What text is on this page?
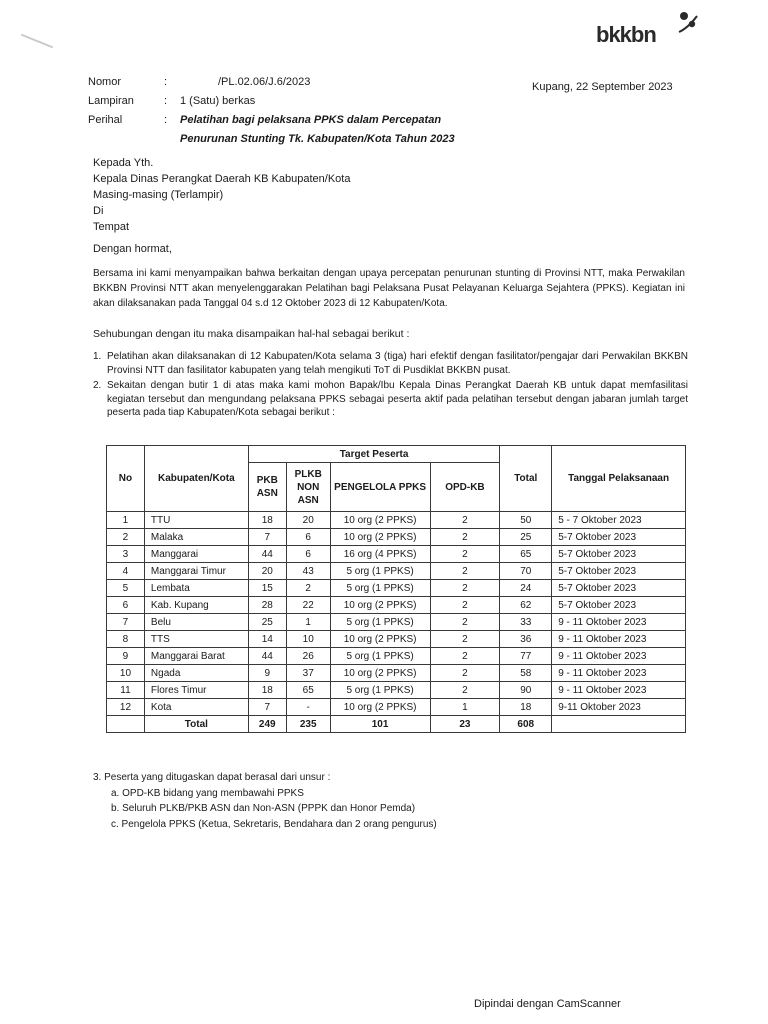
bkkbn
Nomor	:	/PL.02.06/J.6/2023	Kupang, 22 September 2023
Lampiran	: 1 (Satu) berkas
Perihal	: Pelatihan bagi pelaksana PPKS dalam Percepatan
Penurunan Stunting Tk. Kabupaten/Kota Tahun 2023
Kepada Yth.
Kepala Dinas Perangkat Daerah KB Kabupaten/Kota
Masing-masing (Terlampir)
Di
Tempat
Dengan hormat,
Bersama ini kami menyampaikan bahwa berkaitan dengan upaya percepatan penurunan stunting di Provinsi NTT, maka Perwakilan BKKBN Provinsi NTT akan menyelenggarakan Pelatihan bagi Pelaksana Pusat Pelayanan Keluarga Sejahtera (PPKS). Kegiatan ini akan dilaksanakan pada Tanggal 04 s.d 12 Oktober 2023 di 12 Kabupaten/Kota.
Sehubungan dengan itu maka disampaikan hal-hal sebagai berikut :
1. Pelatihan akan dilaksanakan di 12 Kabupaten/Kota selama 3 (tiga) hari efektif dengan fasilitator/pengajar dari Perwakilan BKKBN Provinsi NTT dan fasilitator kabupaten yang telah mengikuti ToT di Pusdiklat BKKBN pusat.
2. Sekaitan dengan butir 1 di atas maka kami mohon Bapak/Ibu Kepala Dinas Perangkat Daerah KB untuk dapat memfasilitasi kegiatan tersebut dan mengundang pelaksana PPKS sebagai peserta aktif pada pelatihan tersebut dengan jabaran jumlah target peserta pada tiap Kabupaten/Kota sebagai berikut :
No	Kabupaten/Kota	Target Peserta				Total	Tanggal Pelaksanaan
		PKB ASN	PLKB NON ASN	PENGELOLA PPKS	OPD-KB		
1	TTU	18	20	10 org (2 PPKS)	2	50	5 - 7 Oktober 2023
2	Malaka	7	6	10 org (2 PPKS)	2	25	5-7 Oktober 2023
3	Manggarai	44	6	16 org (4 PPKS)	2	65	5-7 Oktober 2023
4	Manggarai Timur	20	43	5 org (1 PPKS)	2	70	5-7 Oktober 2023
5	Lembata	15	2	5 org (1 PPKS)	2	24	5-7 Oktober 2023
6	Kab. Kupang	28	22	10 org (2 PPKS)	2	62	5-7 Oktober 2023
7	Belu	25	1	5 org (1 PPKS)	2	33	9 - 11 Oktober 2023
8	TTS	14	10	10 org (2 PPKS)	2	36	9 - 11 Oktober 2023
9	Manggarai Barat	44	26	5 org (1 PPKS)	2	77	9 - 11 Oktober 2023
10	Ngada	9	37	10 org (2 PPKS)	2	58	9 - 11 Oktober 2023
11	Flores Timur	18	65	5 org (1 PPKS)	2	90	9 - 11 Oktober 2023
12	Kota	7	-	10 org (2 PPKS)	1	18	9-11 Oktober 2023
	Total	249	235	101	23	608	
3. Peserta yang ditugaskan dapat berasal dari unsur :
a. OPD-KB bidang yang membawahi PPKS
b. Seluruh PLKB/PKB ASN dan Non-ASN (PPPK dan Honor Pemda)
c. Pengelola PPKS (Ketua, Sekretaris, Bendahara dan 2 orang pengurus)
Dipindai dengan CamScanner
